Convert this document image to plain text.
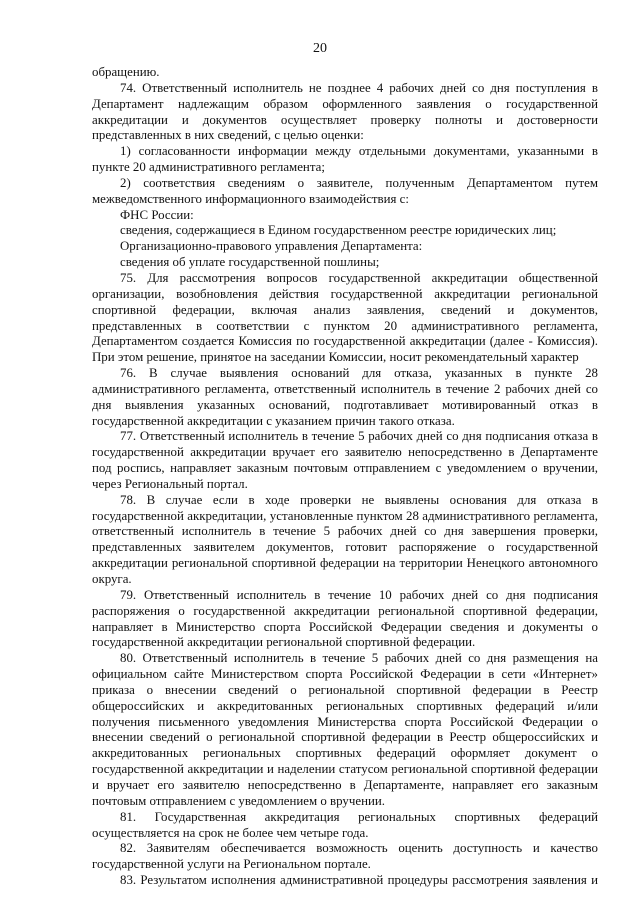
20

обращению.

74. Ответственный исполнитель не позднее 4 рабочих дней со дня поступления в Департамент надлежащим образом оформленного заявления о государственной аккредитации и документов осуществляет проверку полноты и достоверности представленных в них сведений, с целью оценки:

1) согласованности информации между отдельными документами, указанными в пункте 20 административного регламента;

2) соответствия сведениям о заявителе, полученным Департаментом путем межведомственного информационного взаимодействия с:

ФНС России:

сведения, содержащиеся в Едином государственном реестре юридических лиц;

Организационно-правового управления Департамента:

сведения об уплате государственной пошлины;

75. Для рассмотрения вопросов государственной аккредитации общественной организации, возобновления действия государственной аккредитации региональной спортивной федерации, включая анализ заявления, сведений и документов, представленных в соответствии с пунктом 20 административного регламента, Департаментом создается Комиссия по государственной аккредитации (далее - Комиссия). При этом решение, принятое на заседании Комиссии, носит рекомендательный характер

76. В случае выявления оснований для отказа, указанных в пункте 28 административного регламента, ответственный исполнитель в течение 2 рабочих дней со дня выявления указанных оснований, подготавливает мотивированный отказ в государственной аккредитации с указанием причин такого отказа.

77. Ответственный исполнитель в течение 5 рабочих дней со дня подписания отказа в государственной аккредитации вручает его заявителю непосредственно в Департаменте под роспись, направляет заказным почтовым отправлением с уведомлением о вручении, через Региональный портал.

78. В случае если в ходе проверки не выявлены основания для отказа в государственной аккредитации, установленные пунктом 28 административного регламента, ответственный исполнитель в течение 5 рабочих дней со дня завершения проверки, представленных заявителем документов, готовит распоряжение о государственной аккредитации региональной спортивной федерации на территории Ненецкого автономного округа.

79. Ответственный исполнитель в течение 10 рабочих дней со дня подписания распоряжения о государственной аккредитации региональной спортивной федерации, направляет в Министерство спорта Российской Федерации сведения и документы о государственной аккредитации региональной спортивной федерации.

80. Ответственный исполнитель в течение 5 рабочих дней со дня размещения на официальном сайте Министерством спорта Российской Федерации в сети «Интернет» приказа о внесении сведений о региональной спортивной федерации в Реестр общероссийских и аккредитованных региональных спортивных федераций и/или получения письменного уведомления Министерства спорта Российской Федерации о внесении сведений о региональной спортивной федерации в Реестр общероссийских и аккредитованных региональных спортивных федераций оформляет документ о государственной аккредитации и наделении статусом региональной спортивной федерации и вручает его заявителю непосредственно в Департаменте, направляет его заказным почтовым отправлением с уведомлением о вручении.

81. Государственная аккредитация региональных спортивных федераций осуществляется на срок не более чем четыре года.

82. Заявителям обеспечивается возможность оценить доступность и качество государственной услуги на Региональном портале.

83. Результатом исполнения административной процедуры рассмотрения заявления и
